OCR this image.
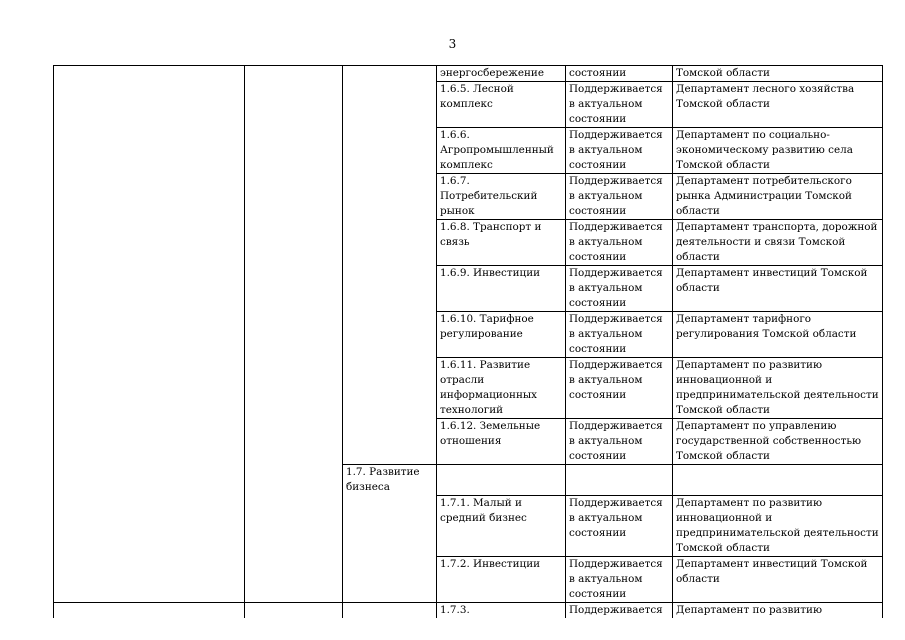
3

			энергосбережение	состоянии	Томской области

			1.6.5. Лесной
комплекс	Поддерживается
в актуальном
состоянии	Департамент лесного хозяйства
Томской области

			1.6.6.
Агропромышленный
комплекс	Поддерживается
в актуальном
состоянии	Департамент по социально-
экономическому развитию села
Томской области

			1.6.7.
Потребительский
рынок	Поддерживается
в актуальном
состоянии	Департамент потребительского
рынка Администрации Томской
области

			1.6.8. Транспорт и
связь	Поддерживается
в актуальном
состоянии	Департамент транспорта, дорожной
деятельности и связи Томской
области

			1.6.9. Инвестиции	Поддерживается
в актуальном
состоянии	Департамент инвестиций Томской
области

			1.6.10. Тарифное
регулирование	Поддерживается
в актуальном
состоянии	Департамент тарифного
регулирования Томской области

			1.6.11. Развитие
отрасли
информационных
технологий	Поддерживается
в актуальном
состоянии	Департамент по развитию
инновационной и
предпринимательской деятельности
Томской области

			1.6.12. Земельные
отношения	Поддерживается
в актуальном
состоянии	Департамент по управлению
государственной собственностью
Томской области

		1.7. Развитие
бизнеса			

			1.7.1. Малый и
средний бизнес	Поддерживается
в актуальном
состоянии	Департамент по развитию
инновационной и
предпринимательской деятельности
Томской области

			1.7.2. Инвестиции	Поддерживается
в актуальном
состоянии	Департамент инвестиций Томской
области

			1.7.3.	Поддерживается	Департамент по развитию
